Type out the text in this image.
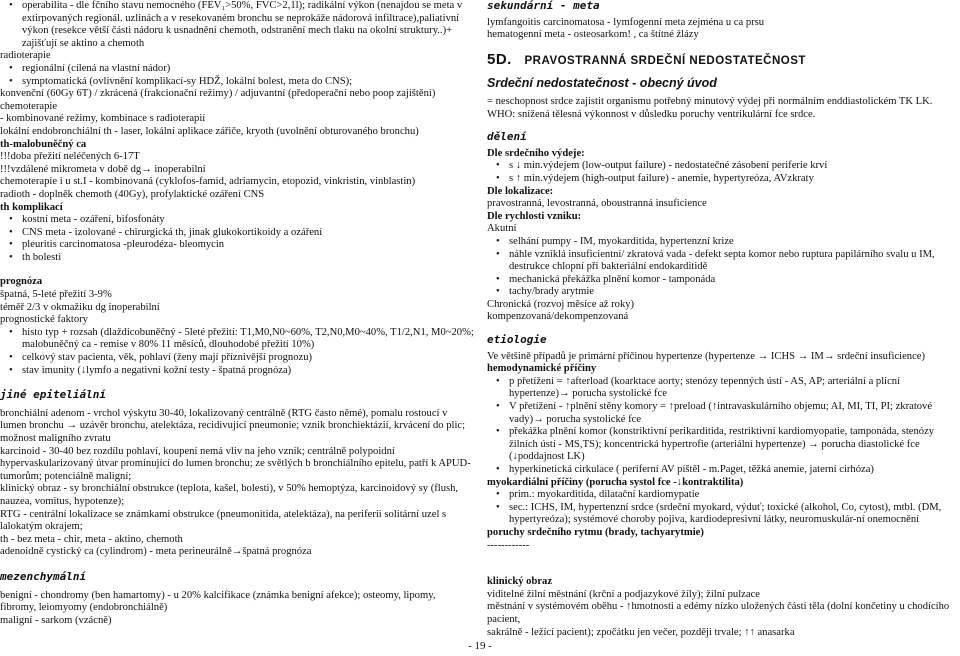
• operabilita - dle fčního stavu nemocného (FEV₁>50%, FVC>2,1l); radikální výkon (nenajdou se meta v extirpovaných regionál. uzlinách a v resekovaném bronchu se neprokáže nádorová infiltrace),paliativní výkon (resekce větší části nádoru k usnadnění chemoth, odstranění mech tlaku na okolní struktury..)+ zajišťují se aktino a chemoth

radioterapie

• regionální (cílená na vlastní nádor)
• symptomatická (ovlivnění komplikací-sy HDŽ, lokální bolest, meta do CNS);

konvenční (60Gy 6T) / zkrácená (frakcionační režimy) / adjuvantní (předoperační nebo poop zajištění)

chemoterapie

- kombinované režimy, kombinace s radioterapií

lokální endobronchiální th - laser, lokální aplikace zářiče, kryoth (uvolnění obturovaného bronchu)

th-malobuněčný ca

!!!doba přežití neléčených 6-17T

!!!vzdálené mikrometa v době dg→ inoperabilní

chemoterapie i u st.I - kombinovaná (cyklofos-famid, adriamycin, etopozid, vinkristin, vinblastin)

radioth - doplněk chemoth (40Gy), profylaktické ozáření CNS

th komplikací

• kostní meta - ozáření, bifosfonáty
• CNS meta - izolované - chirurgická th, jinak glukokortikoidy a ozáření
• pleuritis carcinomatosa -pleurodéza- bleomycin
• th bolesti

prognóza

špatná, 5-leté přežití 3-9%

téměř 2/3 v okmažiku dg inoperabilní

prognostické faktory

• histo typ + rozsah (dlaždicobuněčný - 5leté přežití: T1,M0,N0~60%, T2,N0,M0~40%, T1/2,N1, M0~20%; malobuněčný ca - remise v 80% 11 měsíců, dlouhodobé přežití 10%)
• celkový stav pacienta, věk, pohlaví (ženy mají příznivější prognozu)
• stav imunity (↓lymfo a negativní kožní testy - špatná prognóza)

jiné epiteliální

bronchiální adenom - vrchol výskytu 30-40, lokalizovaný centrálně (RTG často němé), pomalu rostoucí v lumen bronchu → uzávěr bronchu, atelektáza, recidivující pneumonie; vznik bronchiektázií, krvácení do plic; možnost maligního zvratu

karcinoid - 30-40 bez rozdílu pohlaví, koupení nemá vliv na jeho vznik; centrálně polypoidní hypervaskularizovaný útvar prominující do lumen bronchu; ze světlých b bronchiálního epitelu, patří k APUD-tumorům; potenciálně maligní;

klinický obraz - sy bronchiální obstrukce (teplota, kašel, bolesti), v 50% hemoptýza, karcinoidový sy (flush, nauzea, vomitus, hypotenze);

RTG - centrální lokalizace se známkami obstrukce (pneumonitida, atelektáza), na periferii solitární uzel s lalokatým okrajem;

th - bez meta - chir, meta - aktino, chemoth

adenoidně cystický ca (cylindrom) - meta perineurálně→špatná prognóza

mezenchymální

benigní - chondromy (ben hamartomy) - u 20% kalcifikace (známka benigní afekce); osteomy, lipomy, fibromy, leiomyomy (endobronchiálně)

maligní - sarkom (vzácně)

sekundární - meta

lymfangoitis carcinomatosa - lymfogenní meta zejména u ca prsu

hematogenní meta - osteosarkom! , ca štítné žlázy

5D. PRAVOSTRANNÁ SRDEČNÍ NEDOSTATEČNOST

Srdeční nedostatečnost - obecný úvod

= neschopnost srdce zajistit organismu potřebný minutový výdej při normálním enddiastolickém TK LK. WHO: snížená tělesná výkonnost v důsledku poruchy ventrikulární fce srdce.

dělení

Dle srdečního výdeje:

• s ↓ min.výdejem (low-output failure) - nedostatečné zásobení periferie krví
• s ↑ min.výdejem (high-output failure) - anemie, hypertyreóza, AVzkraty

Dle lokalizace:

pravostranná, levostranná, oboustranná insuficience

Dle rychlosti vzniku:

Akutní

• selhání pumpy - IM, myokarditida, hypertenzní krize
• náhle vzniklá insuficientní/ zkratová vada - defekt septa komor nebo ruptura papilárního svalu u IM, destrukce chlopní při bakteriální endokarditidě
• mechanická překážka plnění komor - tamponáda
• tachy/brady arytmie

Chronická (rozvoj měsíce až roky)

kompenzovaná/dekompenzovaná

etiologie

Ve většině případů je primární příčinou hypertenze (hypertenze → ICHS → IM→ srdeční insuficience)

hemodynamické příčiny

• p přetížení = ↑afterload (koarktace aorty; stenózy tepenných ústí - AS, AP; arteriální a plicní hypertenze)→ porucha systolické fce
• V přetížení - ↑plnění stěny komory = ↑preload (↑intravaskulárního objemu; AI, MI, TI, PI; zkratové vady)→ porucha systolické fce
• překážka plnění komor (konstriktivní perikarditida, restriktivní kardiomyopatie, tamponáda, stenózy žilních ústí - MS,TS); koncentrická hypertrofie (arteriální hypertenze) → porucha diastolické fce (↓poddajnost LK)
• hyperkinetická cirkulace ( periferní AV píštěl - m.Paget, těžká anemie, jaterní cirhóza)

myokardiální příčiny (porucha systol fce -↓kontraktilita)

• prim.: myokarditida, dilatační kardiomypatie
• sec.: ICHS, IM, hypertenzní srdce (srdeční myokard, výduť; toxické (alkohol, Co, cytost), mtbl. (DM, hypertyreóza); systémové choroby pojiva, kardiodepresivní látky, neuromuskulár-ní onemocnění

poruchy srdečního rytmu (brady, tachyarytmie)

------------

klinický obraz

viditelné žilní městnání (krční a podjazykové žíly); žilní pulzace

městnání v systémovém oběhu - ↑hmotnosti a edémy nízko uložených částí těla (dolní končetiny u chodícího pacient,

sakrálně - ležící pacient); zpočátku jen večer, později trvale; ↑↑ anasarka

- 19 -
